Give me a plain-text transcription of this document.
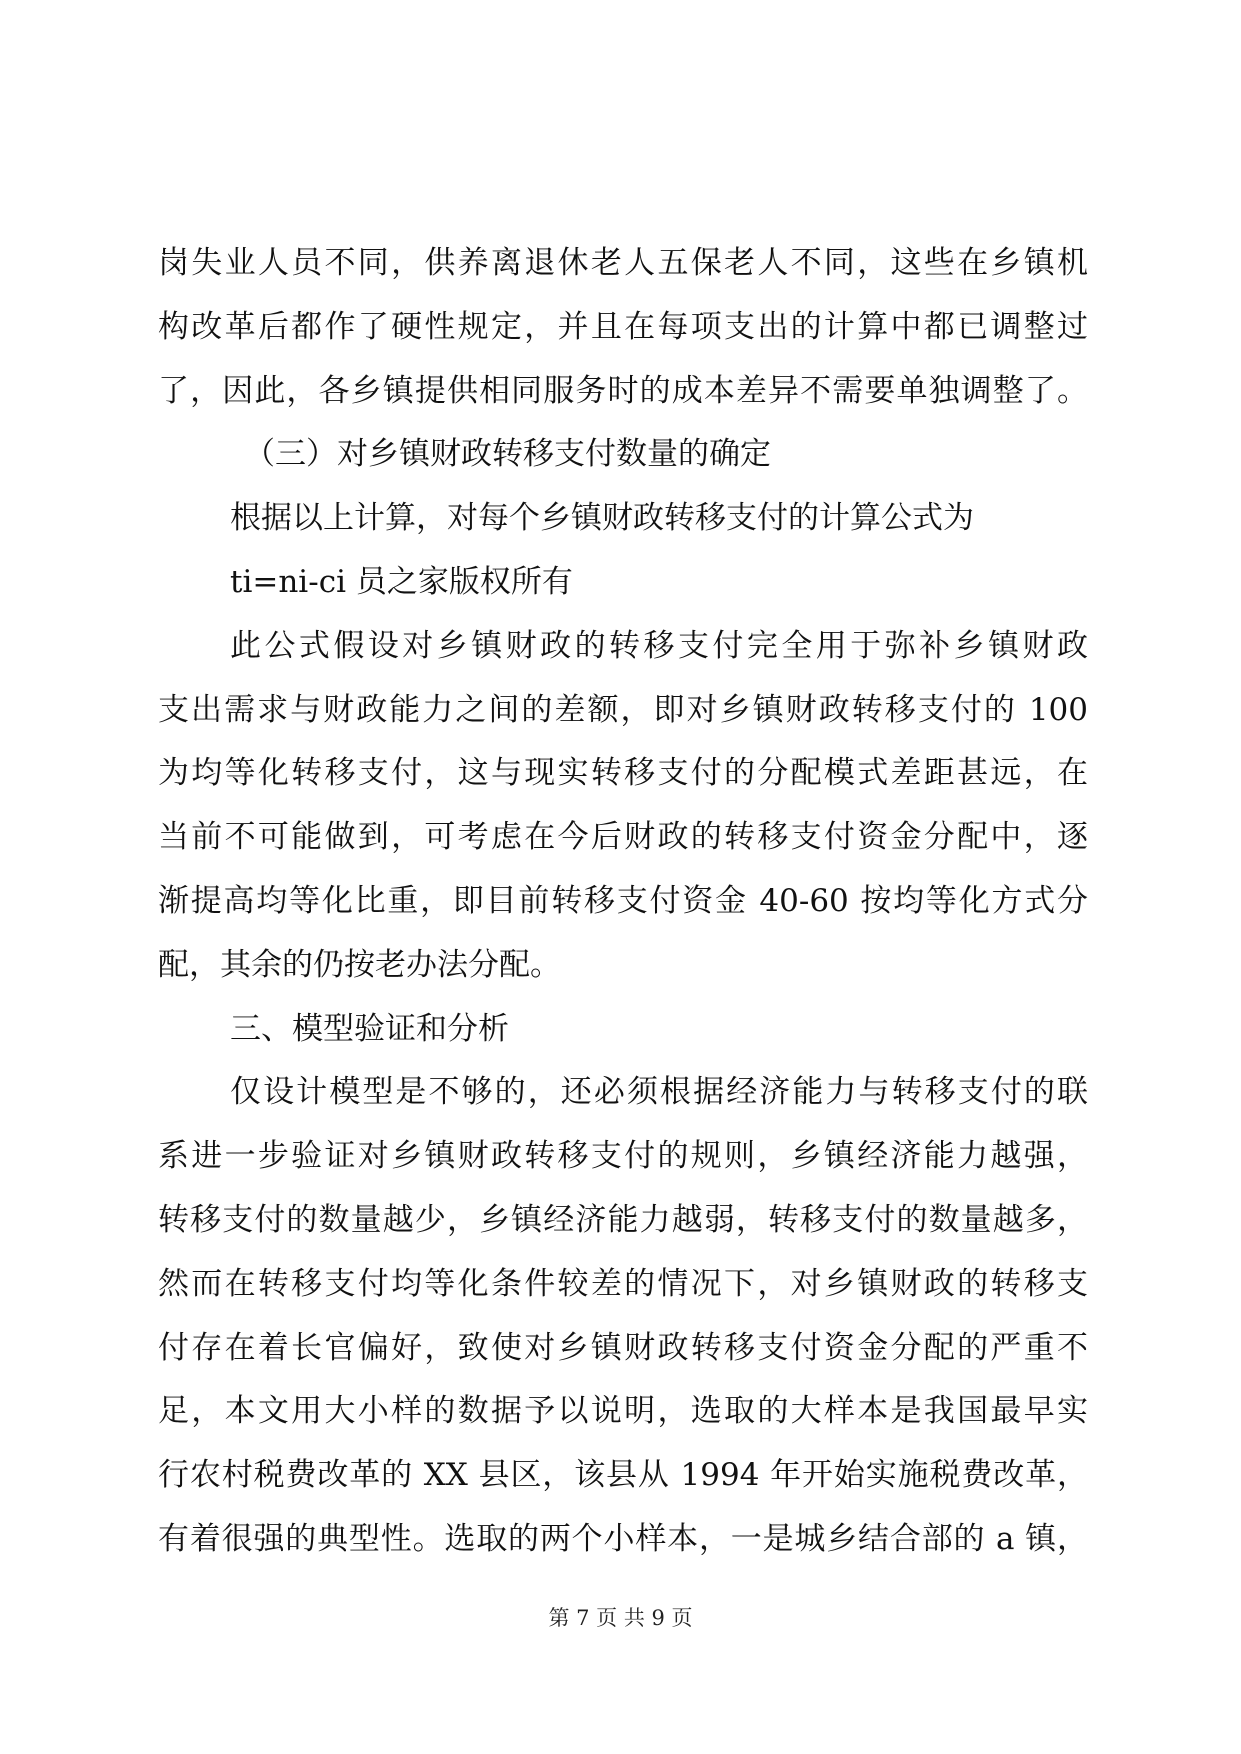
岗失业人员不同，供养离退休老人五保老人不同，这些在乡镇机
构改革后都作了硬性规定，并且在每项支出的计算中都已调整过
了，因此，各乡镇提供相同服务时的成本差异不需要单独调整了。
（三）对乡镇财政转移支付数量的确定
根据以上计算，对每个乡镇财政转移支付的计算公式为
ti=ni-ci 员之家版权所有
此公式假设对乡镇财政的转移支付完全用于弥补乡镇财政
支出需求与财政能力之间的差额，即对乡镇财政转移支付的 100
为均等化转移支付，这与现实转移支付的分配模式差距甚远，在
当前不可能做到，可考虑在今后财政的转移支付资金分配中，逐
渐提高均等化比重，即目前转移支付资金 40-60 按均等化方式分
配，其余的仍按老办法分配。
三、模型验证和分析
仅设计模型是不够的，还必须根据经济能力与转移支付的联
系进一步验证对乡镇财政转移支付的规则，乡镇经济能力越强，
转移支付的数量越少，乡镇经济能力越弱，转移支付的数量越多，
然而在转移支付均等化条件较差的情况下，对乡镇财政的转移支
付存在着长官偏好，致使对乡镇财政转移支付资金分配的严重不
足，本文用大小样的数据予以说明，选取的大样本是我国最早实
行农村税费改革的 XX 县区，该县从 1994 年开始实施税费改革，
有着很强的典型性。选取的两个小样本，一是城乡结合部的 a 镇，
第 7 页 共 9 页
